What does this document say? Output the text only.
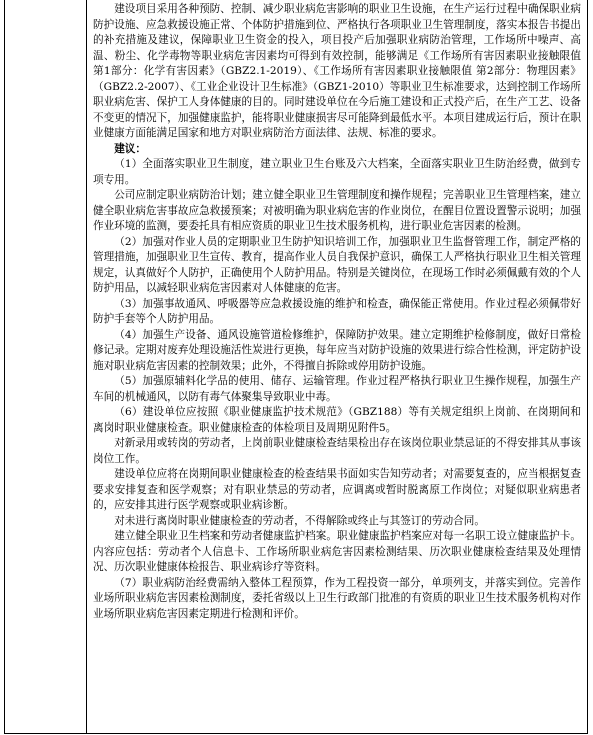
建设项目采用各种预防、控制、减少职业病危害影响的职业卫生设施，在生产运行过程中确保职业病防护设施、应急救援设施正常、个体防护措施到位、严格执行各项职业卫生管理制度，落实本报告书提出的补充措施及建议，保障职业卫生资金的投入，项目投产后加强职业病防治管理，工作场所中噪声、高温、粉尘、化学毒物等职业病危害因素均可得到有效控制，能够满足《工作场所有害因素职业接触限值 第1部分：化学有害因素》（GBZ2.1-2019）、《工作场所有害因素职业接触限值 第2部分：物理因素》（GBZ2.2-2007）、《工业企业设计卫生标准》（GBZ1-2010）等职业卫生标准要求，达到控制工作场所职业病危害、保护工人身体健康的目的。同时建设单位在今后施工建设和正式投产后，在生产工艺、设备不变更的情况下，加强健康监护，能将职业健康损害尽可能降到最低水平。本项目建成运行后，预计在职业健康方面能满足国家和地方对职业病防治方面法律、法规、标准的要求。

建议：

（1）全面落实职业卫生制度，建立职业卫生台账及六大档案，全面落实职业卫生防治经费，做到专项专用。

公司应制定职业病防治计划；建立健全职业卫生管理制度和操作规程；完善职业卫生管理档案，建立健全职业病危害事故应急救援预案；对被明确为职业病危害的作业岗位，在醒目位置设置警示说明；加强作业环境的监测，要委托具有相应资质的职业卫生技术服务机构，进行职业危害因素的检测。

（2）加强对作业人员的定期职业卫生防护知识培训工作，加强职业卫生监督管理工作，制定严格的管理措施，加强职业卫生宣传、教育，提高作业人员自我保护意识，确保工人严格执行职业卫生相关管理规定，认真做好个人防护，正确使用个人防护用品。特别是关键岗位，在现场工作时必须佩戴有效的个人防护用品，以减轻职业病危害因素对人体健康的危害。

（3）加强事故通风、呼吸器等应急救援设施的维护和检查，确保能正常使用。作业过程必须佩带好防护手套等个人防护用品。

（4）加强生产设备、通风设施管道检修维护，保障防护效果。建立定期维护检修制度，做好日常检修记录。定期对废弃处理设施活性炭进行更换，每年应当对防护设施的效果进行综合性检测，评定防护设施对职业病危害因素的控制效果；此外，不得擅自拆除或停用防护设施。

（5）加强原辅料化学品的使用、储存、运输管理。作业过程严格执行职业卫生操作规程，加强生产车间的机械通风，以防有毒气体聚集导致职业中毒。

（6）建设单位应按照《职业健康监护技术规范》（GBZ188）等有关规定组织上岗前、在岗期间和离岗时职业健康检查。职业健康检查的体检项目及周期见附件5。

对新录用或转岗的劳动者，上岗前职业健康检查结果检出存在该岗位职业禁忌证的不得安排其从事该岗位工作。

建设单位应将在岗期间职业健康检查的检查结果书面如实告知劳动者；对需要复查的，应当根据复查要求安排复查和医学观察；对有职业禁忌的劳动者，应调离或暂时脱离原工作岗位；对疑似职业病患者的，应安排其进行医学观察或职业病诊断。

对未进行离岗时职业健康检查的劳动者，不得解除或终止与其签订的劳动合同。

建立健全职业卫生档案和劳动者健康监护档案。职业健康监护档案应对每一名职工设立健康监护卡。内容应包括：劳动者个人信息卡、工作场所职业病危害因素检测结果、历次职业健康检查结果及处理情况、历次职业健康体检报告、职业病诊疗等资料。

（7）职业病防治经费需纳入整体工程预算，作为工程投资一部分，单项列支，并落实到位。完善作业场所职业病危害因素检测制度，委托省级以上卫生行政部门批准的有资质的职业卫生技术服务机构对作业场所职业病危害因素定期进行检测和评价。
